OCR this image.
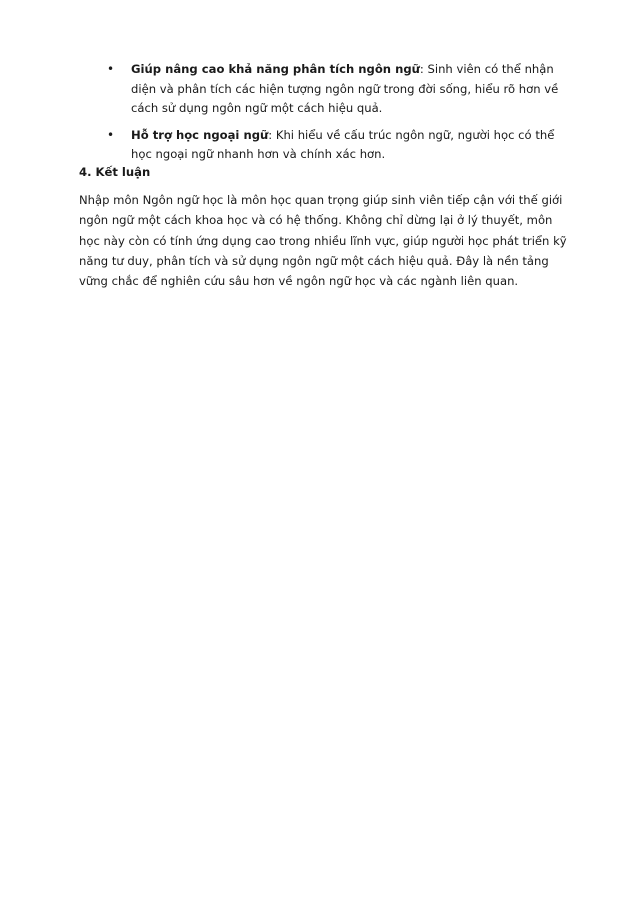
• Giúp nâng cao khả năng phân tích ngôn ngữ: Sinh viên có thể nhận diện và phân tích các hiện tượng ngôn ngữ trong đời sống, hiểu rõ hơn về cách sử dụng ngôn ngữ một cách hiệu quả.
• Hỗ trợ học ngoại ngữ: Khi hiểu về cấu trúc ngôn ngữ, người học có thể học ngoại ngữ nhanh hơn và chính xác hơn.
4. Kết luận

Nhập môn Ngôn ngữ học là môn học quan trọng giúp sinh viên tiếp cận với thế giới ngôn ngữ một cách khoa học và có hệ thống. Không chỉ dừng lại ở lý thuyết, môn học này còn có tính ứng dụng cao trong nhiều lĩnh vực, giúp người học phát triển kỹ năng tư duy, phân tích và sử dụng ngôn ngữ một cách hiệu quả. Đây là nền tảng vững chắc để nghiên cứu sâu hơn về ngôn ngữ học và các ngành liên quan.
